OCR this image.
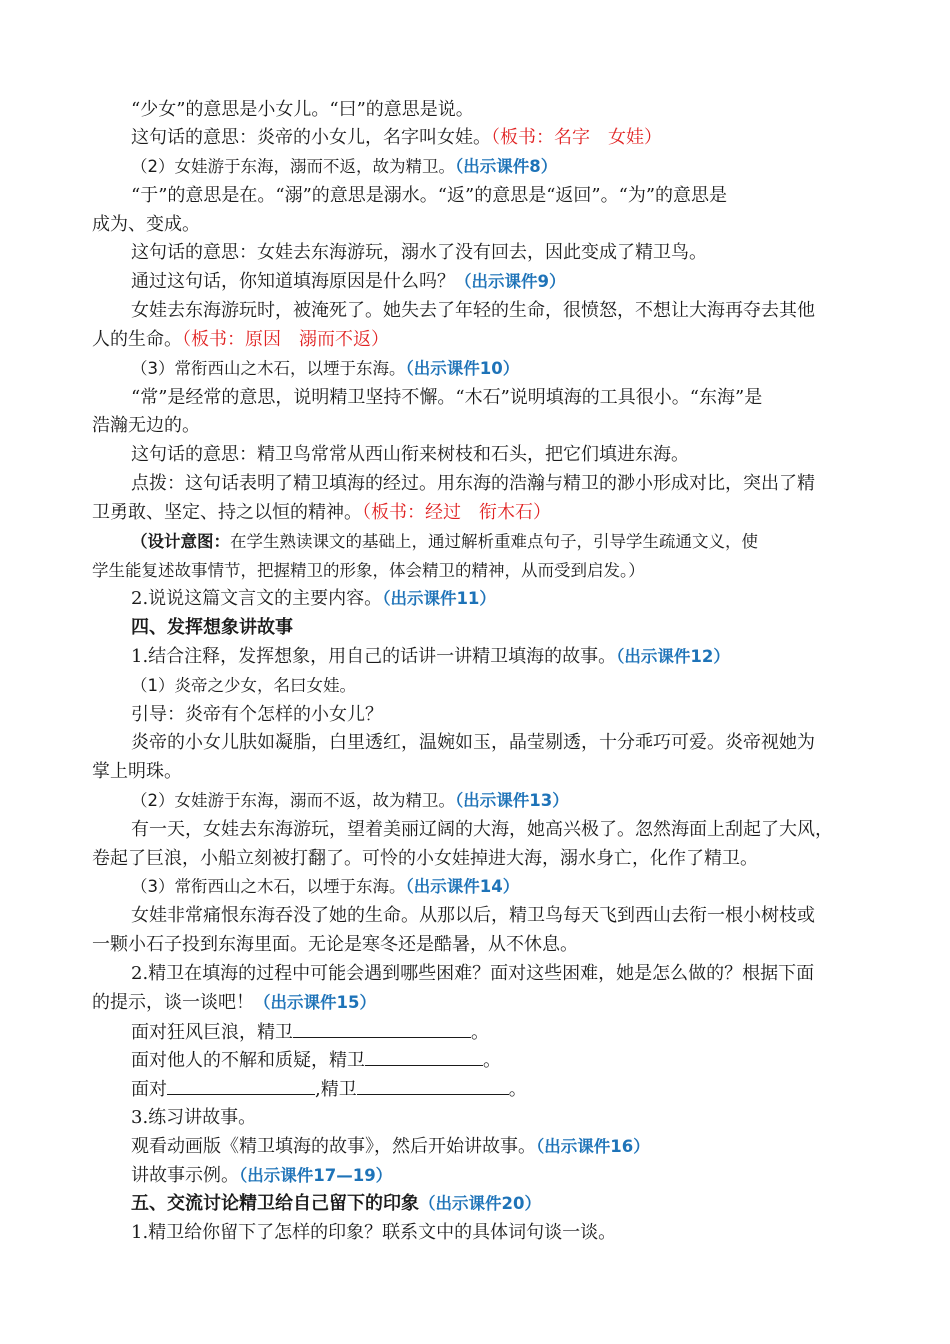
“少女”的意思是小女儿。“曰”的意思是说。
这句话的意思：炎帝的小女儿，名字叫女娃。（板书：名字　女娃）
（2）女娃游于东海，溺而不返，故为精卫。（出示课件8）
“于”的意思是在。“溺”的意思是溺水。“返”的意思是“返回”。“为”的意思是
成为、变成。
这句话的意思：女娃去东海游玩，溺水了没有回去，因此变成了精卫鸟。
通过这句话，你知道填海原因是什么吗？（出示课件9）
女娃去东海游玩时，被淹死了。她失去了年轻的生命，很愤怒，不想让大海再夺去其他
人的生命。（板书：原因　溺而不返）
（3）常衔西山之木石，以堙于东海。（出示课件10）
“常”是经常的意思，说明精卫坚持不懈。“木石”说明填海的工具很小。“东海”是
浩瀚无边的。
这句话的意思：精卫鸟常常从西山衔来树枝和石头，把它们填进东海。
点拨：这句话表明了精卫填海的经过。用东海的浩瀚与精卫的渺小形成对比，突出了精
卫勇敢、坚定、持之以恒的精神。（板书：经过　衔木石）
（设计意图：在学生熟读课文的基础上，通过解析重难点句子，引导学生疏通文义，使
学生能复述故事情节，把握精卫的形象，体会精卫的精神，从而受到启发。）
2.说说这篇文言文的主要内容。（出示课件11）
四、发挥想象讲故事
1.结合注释，发挥想象，用自己的话讲一讲精卫填海的故事。（出示课件12）
（1）炎帝之少女，名曰女娃。
引导：炎帝有个怎样的小女儿？
炎帝的小女儿肤如凝脂，白里透红，温婉如玉，晶莹剔透，十分乖巧可爱。炎帝视她为
掌上明珠。
（2）女娃游于东海，溺而不返，故为精卫。（出示课件13）
有一天，女娃去东海游玩，望着美丽辽阔的大海，她高兴极了。忽然海面上刮起了大风，
卷起了巨浪，小船立刻被打翻了。可怜的小女娃掉进大海，溺水身亡，化作了精卫。
（3）常衔西山之木石，以堙于东海。（出示课件14）
女娃非常痛恨东海吞没了她的生命。从那以后，精卫鸟每天飞到西山去衔一根小树枝或
一颗小石子投到东海里面。无论是寒冬还是酷暑，从不休息。
2.精卫在填海的过程中可能会遇到哪些困难？面对这些困难，她是怎么做的？根据下面
的提示，谈一谈吧！（出示课件15）
面对狂风巨浪，精卫	。
面对他人的不解和质疑，精卫	。
面对	,精卫	。
3.练习讲故事。
观看动画版《精卫填海的故事》，然后开始讲故事。（出示课件16）
讲故事示例。（出示课件17—19）
五、交流讨论精卫给自己留下的印象（出示课件20）
1.精卫给你留下了怎样的印象？联系文中的具体词句谈一谈。
